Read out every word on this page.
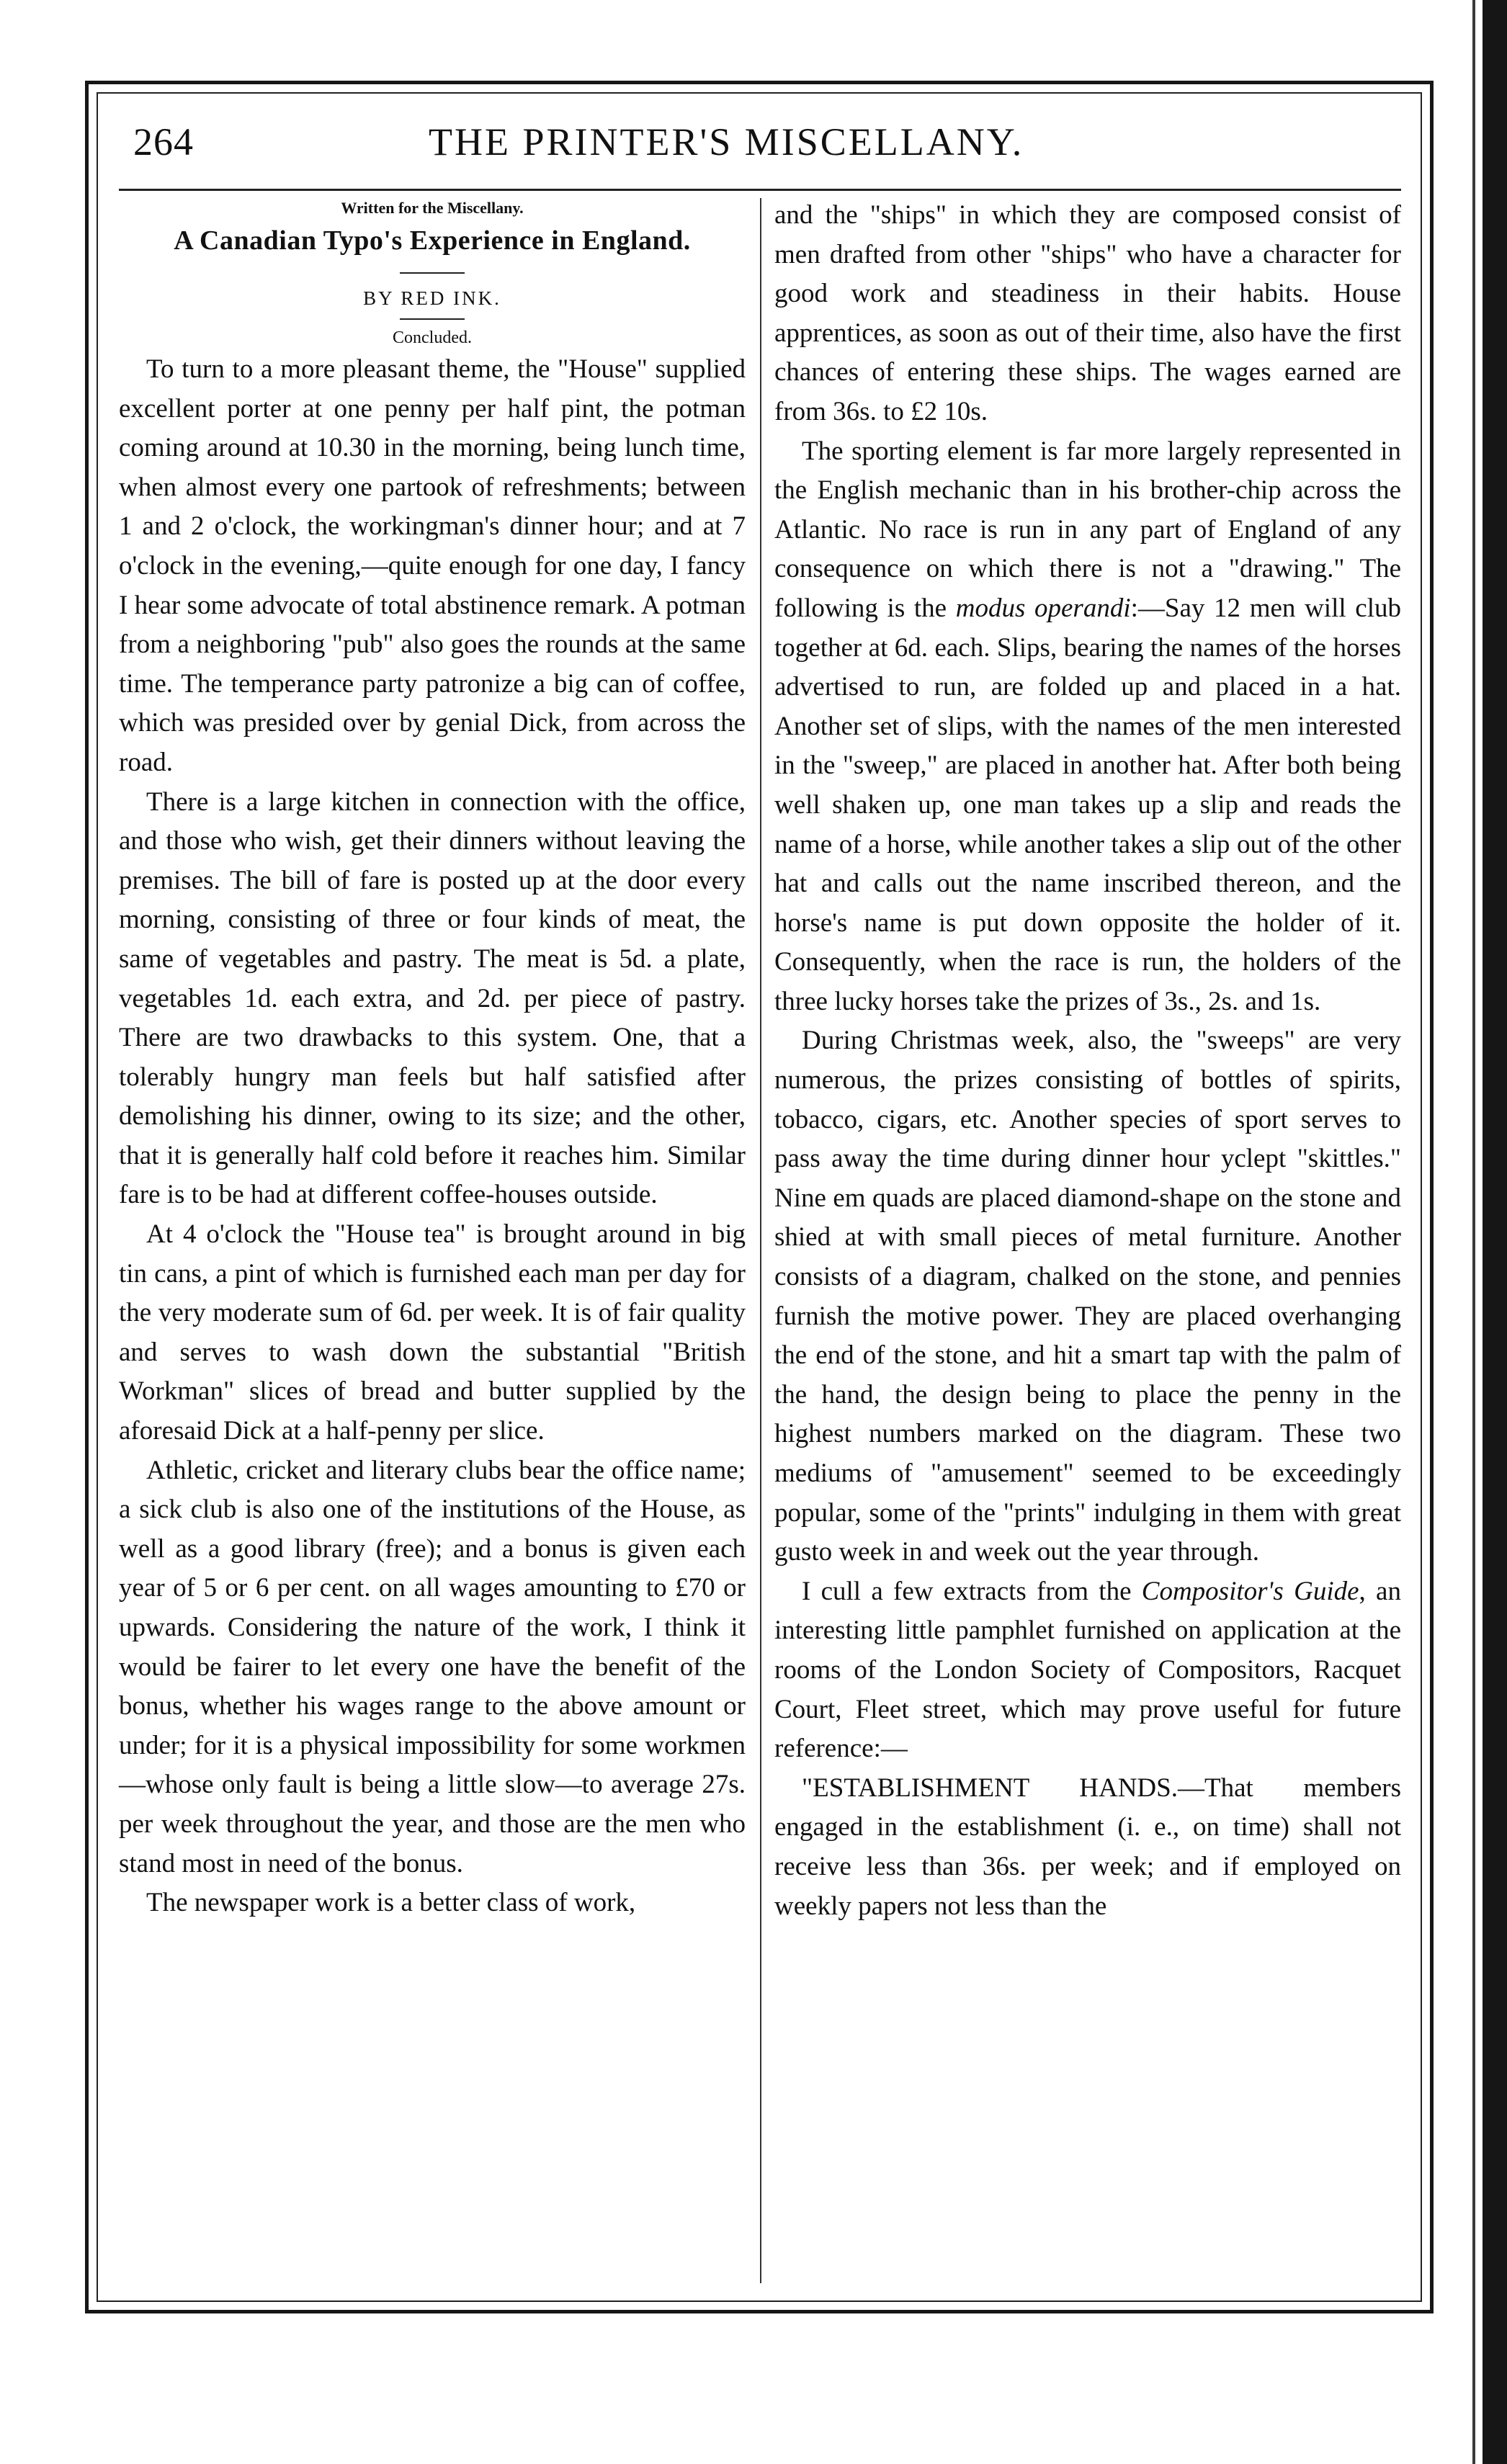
264	THE PRINTER'S MISCELLANY.
Written for the Miscellany.
A Canadian Typo's Experience in England.
BY RED INK.
Concluded.

To turn to a more pleasant theme, the "House" supplied excellent porter at one penny per half pint, the potman coming around at 10.30 in the morning, being lunch time, when almost every one partook of refreshments; between 1 and 2 o'clock, the workingman's dinner hour; and at 7 o'clock in the evening,—quite enough for one day, I fancy I hear some advocate of total abstinence remark. A potman from a neighboring "pub" also goes the rounds at the same time. The temperance party patronize a big can of coffee, which was presided over by genial Dick, from across the road.

There is a large kitchen in connection with the office, and those who wish, get their dinners without leaving the premises. The bill of fare is posted up at the door every morning, consisting of three or four kinds of meat, the same of vegetables and pastry. The meat is 5d. a plate, vegetables 1d. each extra, and 2d. per piece of pastry. There are two drawbacks to this system. One, that a tolerably hungry man feels but half satisfied after demolishing his dinner, owing to its size; and the other, that it is generally half cold before it reaches him. Similar fare is to be had at different coffee-houses outside.

At 4 o'clock the "House tea" is brought around in big tin cans, a pint of which is furnished each man per day for the very moderate sum of 6d. per week. It is of fair quality and serves to wash down the substantial "British Workman" slices of bread and butter supplied by the aforesaid Dick at a half-penny per slice.

Athletic, cricket and literary clubs bear the office name; a sick club is also one of the institutions of the House, as well as a good library (free); and a bonus is given each year of 5 or 6 per cent. on all wages amounting to £70 or upwards. Considering the nature of the work, I think it would be fairer to let every one have the benefit of the bonus, whether his wages range to the above amount or under; for it is a physical impossibility for some workmen—whose only fault is being a little slow—to average 27s. per week throughout the year, and those are the men who stand most in need of the bonus.

The newspaper work is a better class of work,

and the "ships" in which they are composed consist of men drafted from other "ships" who have a character for good work and steadiness in their habits. House apprentices, as soon as out of their time, also have the first chances of entering these ships. The wages earned are from 36s. to £2 10s.

The sporting element is far more largely represented in the English mechanic than in his brother-chip across the Atlantic. No race is run in any part of England of any consequence on which there is not a "drawing." The following is the modus operandi:—Say 12 men will club together at 6d. each. Slips, bearing the names of the horses advertised to run, are folded up and placed in a hat. Another set of slips, with the names of the men interested in the "sweep," are placed in another hat. After both being well shaken up, one man takes up a slip and reads the name of a horse, while another takes a slip out of the other hat and calls out the name inscribed thereon, and the horse's name is put down opposite the holder of it. Consequently, when the race is run, the holders of the three lucky horses take the prizes of 3s., 2s. and 1s.

During Christmas week, also, the "sweeps" are very numerous, the prizes consisting of bottles of spirits, tobacco, cigars, etc. Another species of sport serves to pass away the time during dinner hour yclept "skittles." Nine em quads are placed diamond-shape on the stone and shied at with small pieces of metal furniture. Another consists of a diagram, chalked on the stone, and pennies furnish the motive power. They are placed overhanging the end of the stone, and hit a smart tap with the palm of the hand, the design being to place the penny in the highest numbers marked on the diagram. These two mediums of "amusement" seemed to be exceedingly popular, some of the "prints" indulging in them with great gusto week in and week out the year through.

I cull a few extracts from the Compositor's Guide, an interesting little pamphlet furnished on application at the rooms of the London Society of Compositors, Racquet Court, Fleet street, which may prove useful for future reference:—

"ESTABLISHMENT HANDS.—That members engaged in the establishment (i. e., on time) shall not receive less than 36s. per week; and if employed on weekly papers not less than the
